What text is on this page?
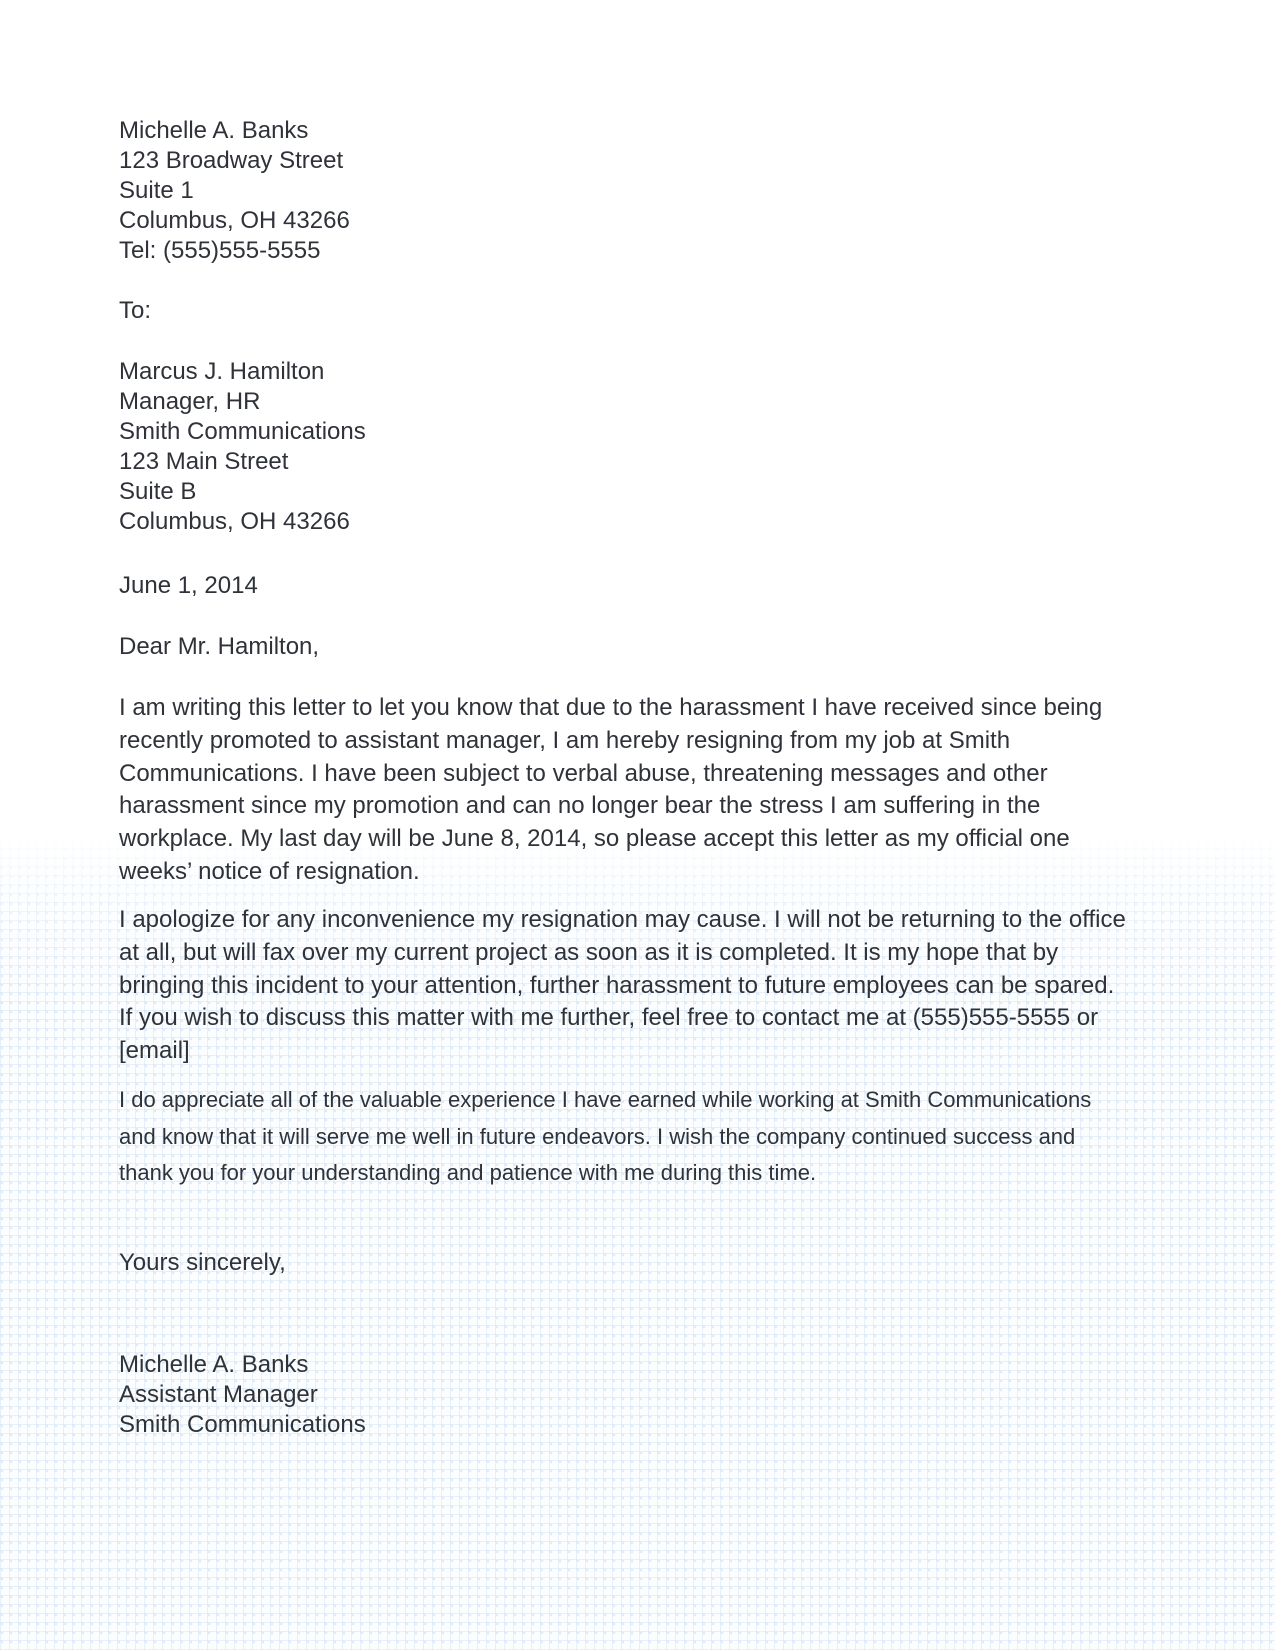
Michelle A. Banks
123 Broadway Street
Suite 1
Columbus, OH 43266
Tel: (555)555-5555
To:
Marcus J. Hamilton
Manager, HR
Smith Communications
123 Main Street
Suite B
Columbus, OH 43266
June 1, 2014
Dear Mr. Hamilton,
I am writing this letter to let you know that due to the harassment I have received since being recently promoted to assistant manager, I am hereby resigning from my job at Smith Communications. I have been subject to verbal abuse, threatening messages and other harassment since my promotion and can no longer bear the stress I am suffering in the workplace. My last day will be June 8, 2014, so please accept this letter as my official one weeks’ notice of resignation.
I apologize for any inconvenience my resignation may cause. I will not be returning to the office at all, but will fax over my current project as soon as it is completed. It is my hope that by bringing this incident to your attention, further harassment to future employees can be spared. If you wish to discuss this matter with me further, feel free to contact me at (555)555-5555 or [email]
I do appreciate all of the valuable experience I have earned while working at Smith Communications and know that it will serve me well in future endeavors. I wish the company continued success and thank you for your understanding and patience with me during this time.
Yours sincerely,
Michelle A. Banks
Assistant Manager
Smith Communications
